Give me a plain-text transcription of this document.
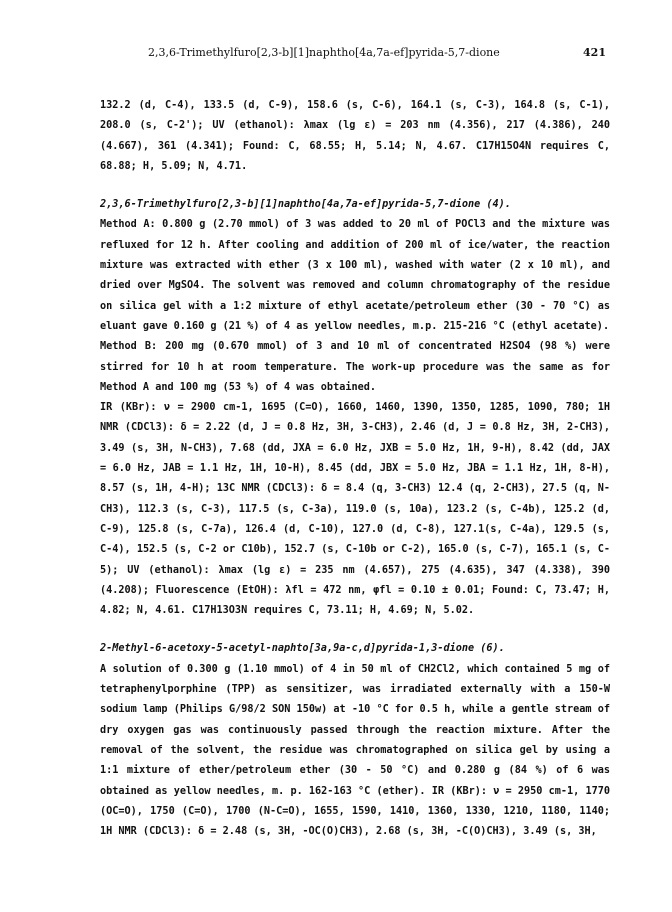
2,3,6-Trimethylfuro[2,3-b][1]naphtho[4a,7a-ef]pyrida-5,7-dione	421

132.2 (d, C-4), 133.5 (d, C-9), 158.6 (s, C-6), 164.1 (s, C-3), 164.8 (s, C-1), 208.0 (s, C-2'); UV (ethanol): λmax (lg ε) = 203 nm (4.356), 217 (4.386), 240 (4.667), 361 (4.341); Found: C, 68.55; H, 5.14; N, 4.67. C17H15O4N requires C, 68.88; H, 5.09; N, 4.71.

2,3,6-Trimethylfuro[2,3-b][1]naphtho[4a,7a-ef]pyrida-5,7-dione (4).

Method A: 0.800 g (2.70 mmol) of 3 was added to 20 ml of POCl3 and the mixture was refluxed for 12 h. After cooling and addition of 200 ml of ice/water, the reaction mixture was extracted with ether (3 x 100 ml), washed with water (2 x 10 ml), and dried over MgSO4. The solvent was removed and column chromatography of the residue on silica gel with a 1:2 mixture of ethyl acetate/petroleum ether (30 - 70 °C) as eluant gave 0.160 g (21 %) of 4 as yellow needles, m.p. 215-216 °C (ethyl acetate).

Method B: 200 mg (0.670 mmol) of 3 and 10 ml of concentrated H2SO4 (98 %) were stirred for 10 h at room temperature. The work-up procedure was the same as for Method A and 100 mg (53 %) of 4 was obtained.

IR (KBr): ν = 2900 cm-1, 1695 (C=O), 1660, 1460, 1390, 1350, 1285, 1090, 780; 1H NMR (CDCl3): δ = 2.22 (d, J = 0.8 Hz, 3H, 3-CH3), 2.46 (d, J = 0.8 Hz, 3H, 2-CH3), 3.49 (s, 3H, N-CH3), 7.68 (dd, JXA = 6.0 Hz, JXB = 5.0 Hz, 1H, 9-H), 8.42 (dd, JAX = 6.0 Hz, JAB = 1.1 Hz, 1H, 10-H), 8.45 (dd, JBX = 5.0 Hz, JBA = 1.1 Hz, 1H, 8-H), 8.57 (s, 1H, 4-H); 13C NMR (CDCl3): δ = 8.4 (q, 3-CH3) 12.4 (q, 2-CH3), 27.5 (q, N-CH3), 112.3 (s, C-3), 117.5 (s, C-3a), 119.0 (s, 10a), 123.2 (s, C-4b), 125.2 (d, C-9), 125.8 (s, C-7a), 126.4 (d, C-10), 127.0 (d, C-8), 127.1(s, C-4a), 129.5 (s, C-4), 152.5 (s, C-2 or C10b), 152.7 (s, C-10b or C-2), 165.0 (s, C-7), 165.1 (s, C-5); UV (ethanol): λmax (lg ε) = 235 nm (4.657), 275 (4.635), 347 (4.338), 390 (4.208); Fluorescence (EtOH): λfl = 472 nm, φfl = 0.10 ± 0.01; Found: C, 73.47; H, 4.82; N, 4.61. C17H13O3N requires C, 73.11; H, 4.69; N, 5.02.

2-Methyl-6-acetoxy-5-acetyl-naphto[3a,9a-c,d]pyrida-1,3-dione (6).

A solution of 0.300 g (1.10 mmol) of 4 in 50 ml of CH2Cl2, which contained 5 mg of tetraphenylporphine (TPP) as sensitizer, was irradiated externally with a 150-W sodium lamp (Philips G/98/2 SON 150w) at -10 °C for 0.5 h, while a gentle stream of dry oxygen gas was continuously passed through the reaction mixture. After the removal of the solvent, the residue was chromatographed on silica gel by using a 1:1 mixture of ether/petroleum ether (30 - 50 °C) and 0.280 g (84 %) of 6 was obtained as yellow needles, m. p. 162-163 °C (ether). IR (KBr): ν = 2950 cm-1, 1770 (OC=O), 1750 (C=O), 1700 (N-C=O), 1655, 1590, 1410, 1360, 1330, 1210, 1180, 1140; 1H NMR (CDCl3): δ = 2.48 (s, 3H, -OC(O)CH3), 2.68 (s, 3H, -C(O)CH3), 3.49 (s, 3H,
